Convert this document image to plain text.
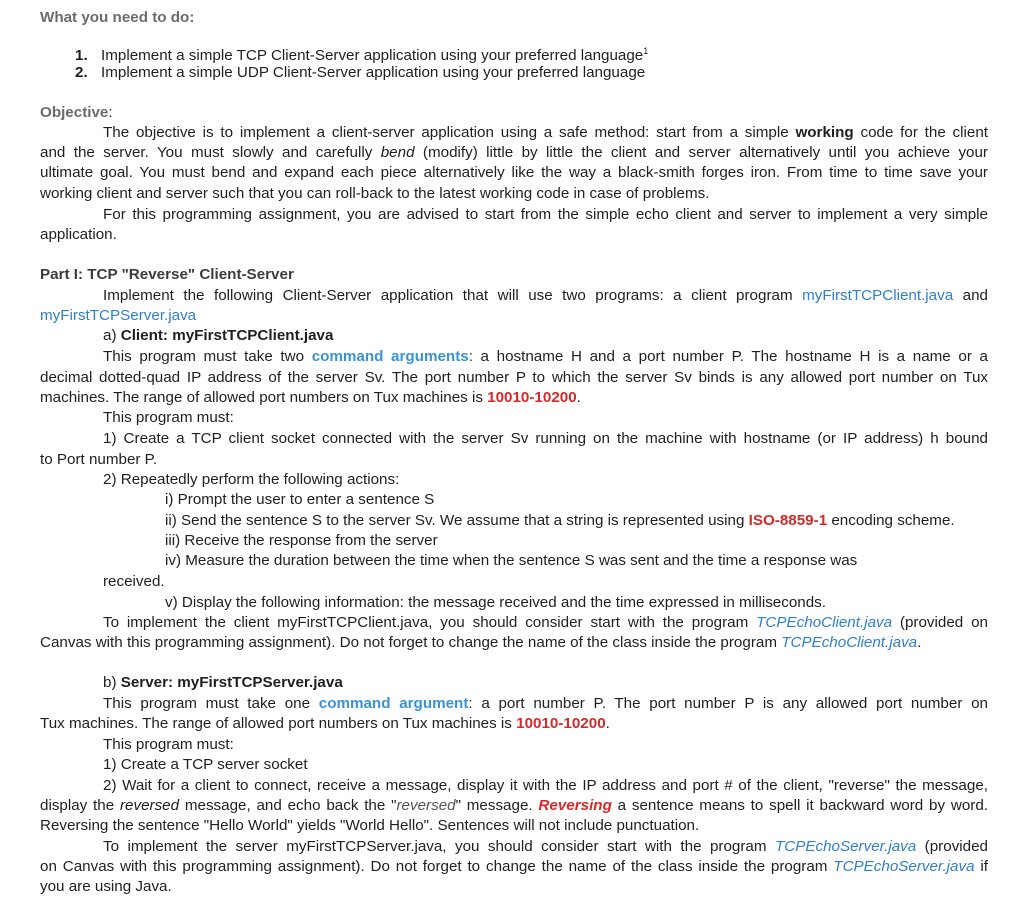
What you need to do:
1. Implement a simple TCP Client-Server application using your preferred language$^1$
2. Implement a simple UDP Client-Server application using your preferred language
Objective:
The objective is to implement a client-server application using a safe method: start from a simple working code for the client
and the server. You must slowly and carefully bend (modify) little by little the client and server alternatively until you achieve your
ultimate goal. You must bend and expand each piece alternatively like the way a black-smith forges iron. From time to time save your
working client and server such that you can roll-back to the latest working code in case of problems.
For this programming assignment, you are advised to start from the simple echo client and server to implement a very simple
application.
Part I: TCP "Reverse" Client-Server
Implement the following Client-Server application that will use two programs: a client program myFirstTCPClient.java and
myFirstTCPServer.java
a) Client: myFirstTCPClient.java
This program must take two command arguments: a hostname H and a port number P. The hostname H is a name or a
decimal dotted-quad IP address of the server Sv. The port number P to which the server Sv binds is any allowed port number on Tux
machines. The range of allowed port numbers on Tux machines is 10010-10200.
This program must:
1) Create a TCP client socket connected with the server Sv running on the machine with hostname (or IP address) h bound
to Port number P.
2) Repeatedly perform the following actions:
i) Prompt the user to enter a sentence S
ii) Send the sentence S to the server Sv. We assume that a string is represented using ISO-8859-1 encoding scheme.
iii) Receive the response from the server
iv) Measure the duration between the time when the sentence S was sent and the time a response was
received.
v) Display the following information: the message received and the time expressed in milliseconds.
To implement the client myFirstTCPClient.java, you should consider start with the program TCPEchoClient.java (provided on
Canvas with this programming assignment). Do not forget to change the name of the class inside the program TCPEchoClient.java.
b) Server: myFirstTCPServer.java
This program must take one command argument: a port number P. The port number P is any allowed port number on
Tux machines. The range of allowed port numbers on Tux machines is 10010-10200.
This program must:
1) Create a TCP server socket
2) Wait for a client to connect, receive a message, display it with the IP address and port # of the client, "reverse" the message,
display the reversed message, and echo back the "reversed" message. Reversing a sentence means to spell it backward word by word.
Reversing the sentence "Hello World" yields "World Hello". Sentences will not include punctuation.
To implement the server myFirstTCPServer.java, you should consider start with the program TCPEchoServer.java (provided
on Canvas with this programming assignment). Do not forget to change the name of the class inside the program TCPEchoServer.java if
you are using Java.
